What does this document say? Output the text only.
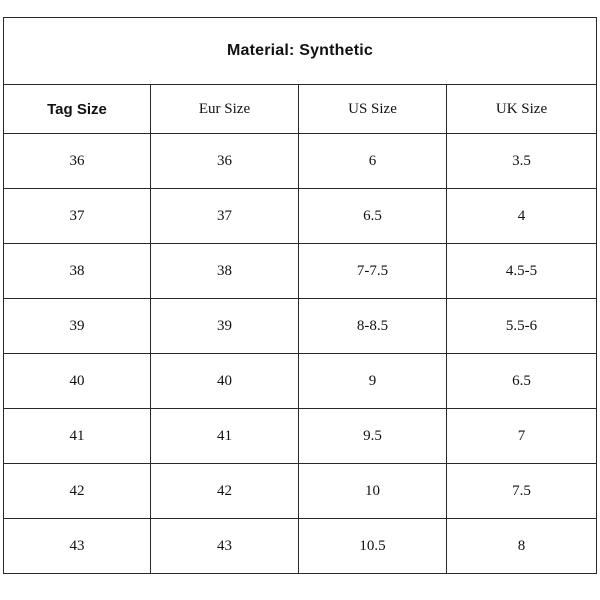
Material: Synthetic			
Tag Size	Eur Size	US Size	UK Size
36	36	6	3.5
37	37	6.5	4
38	38	7-7.5	4.5-5
39	39	8-8.5	5.5-6
40	40	9	6.5
41	41	9.5	7
42	42	10	7.5
43	43	10.5	8
